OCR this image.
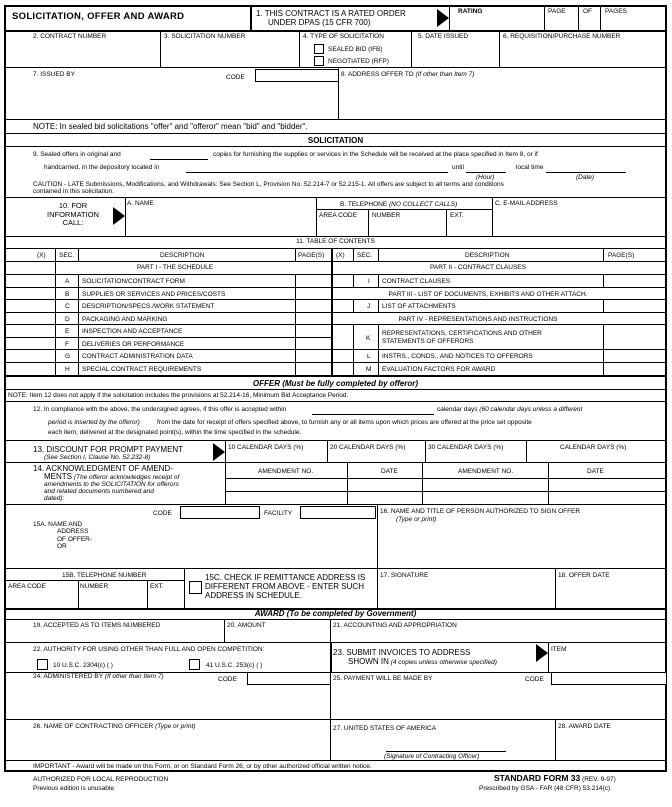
SOLICITATION, OFFER AND AWARD	1. THIS CONTRACT IS A RATED ORDER
UNDER DPAS (15 CFR 700)
RATING	PAGE	OF PAGES
2. CONTRACT NUMBER	3. SOLICITATION NUMBER	4. TYPE OF SOLICITATION
SEALED BID (IFB)
NEGOTIATED (RFP)
5. DATE ISSUED	6. REQUISITION/PURCHASE NUMBER
7. ISSUED BY	CODE	8. ADDRESS OFFER TO (If other than Item 7)
NOTE: In sealed bid solicitations "offer" and "offeror" mean "bid" and "bidder".
SOLICITATION
9. Sealed offers in original and	copies for furnishing the supplies or services in the Schedule will be received at the place specified in Item 8, or if
handcarried, in the depository located in	until	local time
(Hour)	(Date)
CAUTION - LATE Submissions, Modifications, and Withdrawals: See Section L, Provision No. 52.214-7 or 52.215-1. All offers are subject to all terms and conditions
contained in this solicitation.
10. FOR
INFORMATION
CALL:
A. NAME	B. TELEPHONE (NO COLLECT CALLS)
AREA CODE NUMBER	EXT.
C. E-MAIL ADDRESS
11. TABLE OF CONTENTS
(X) SEC.	DESCRIPTION	PAGE(S) (X) SEC.	DESCRIPTION	PAGE(S)
PART I - THE SCHEDULE	PART II - CONTRACT CLAUSES
A SOLICITATION/CONTRACT FORM
B SUPPLIES OR SERVICES AND PRICES/COSTS
C DESCRIPTION/SPECS./WORK STATEMENT
D PACKAGING AND MARKING
E INSPECTION AND ACCEPTANCE
F DELIVERIES OR PERFORMANCE
G CONTRACT ADMINISTRATION DATA
H SPECIAL CONTRACT REQUIREMENTS
I CONTRACT CLAUSES
PART III - LIST OF DOCUMENTS, EXHIBITS AND OTHER ATTACH.
J LIST OF ATTACHMENTS
PART IV - REPRESENTATIONS AND INSTRUCTIONS
K
REPRESENTATIONS, CERTIFICATIONS AND OTHER
STATEMENTS OF OFFERORS
L INSTRS., CONDS., AND NOTICES TO OFFERORS
M EVALUATION FACTORS FOR AWARD
OFFER (Must be fully completed by offeror)
NOTE: Item 12 does not apply if the solicitation includes the provisions at 52.214-16, Minimum Bid Acceptance Period.
12. In compliance with the above, the undersigned agrees, if this offer is accepted within	calendar days (60 calendar days unless a different
period is inserted by the offeror)	from the date for receipt of offers specified above, to furnish any or all items upon which prices are offered at the price set opposite
each item, delivered at the designated point(s), within the time specified in the schedule.
13. DISCOUNT FOR PROMPT PAYMENT
(See Section I, Clause No. 52.232-8)
10 CALENDAR DAYS (%)	20 CALENDAR DAYS (%)	30 CALENDAR DAYS (%)	CALENDAR DAYS (%)
14. ACKNOWLEDGMENT OF AMEND-
MENTS (The offeror acknowledges receipt of
amendments to the SOLICITATION for offerors
and related documents numbered and
dated):
AMENDMENT NO.	DATE	AMENDMENT NO.	DATE
CODE	FACILITY
15A. NAME AND
ADDRESS
OF OFFER-
OR
16. NAME AND TITLE OF PERSON AUTHORIZED TO SIGN OFFER
(Type or print)
15B. TELEPHONE NUMBER
AREA CODE	NUMBER	EXT.
15C. CHECK IF REMITTANCE ADDRESS IS
DIFFERENT FROM ABOVE - ENTER SUCH
ADDRESS IN SCHEDULE.
17. SIGNATURE	18. OFFER DATE
AWARD (To be completed by Government)
19. ACCEPTED AS TO ITEMS NUMBERED	20. AMOUNT	21. ACCOUNTING AND APPROPRIATION
22. AUTHORITY FOR USING OTHER THAN FULL AND OPEN COMPETITION:
10 U.S.C. 2304(c) ( )	41 U.S.C. 253(c) ( )
23. SUBMIT INVOICES TO ADDRESS
SHOWN IN (4 copies unless otherwise specified)
ITEM
24. ADMINISTERED BY (If other than Item 7)	CODE	25. PAYMENT WILL BE MADE BY	CODE
26. NAME OF CONTRACTING OFFICER (Type or print)	27. UNITED STATES OF AMERICA
(Signature of Contracting Officer)
28. AWARD DATE
IMPORTANT - Award will be made on this Form, or on Standard Form 26, or by other authorized official written notice.
AUTHORIZED FOR LOCAL REPRODUCTION
Previous edition is unusable
STANDARD FORM 33 (REV. 9-97)
Prescribed by GSA - FAR (48 CFR) 53.214(c)
